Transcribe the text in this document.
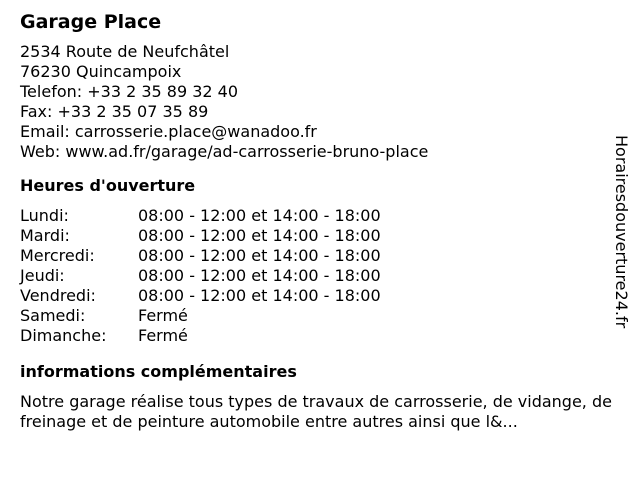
Garage Place
2534 Route de Neufchâtel
76230 Quincampoix
Telefon: +33 2 35 89 32 40
Fax: +33 2 35 07 35 89
Email: carrosserie.place@wanadoo.fr
Web: www.ad.fr/garage/ad-carrosserie-bruno-place
Heures d'ouverture
Lundi:	08:00 - 12:00 et 14:00 - 18:00
Mardi:	08:00 - 12:00 et 14:00 - 18:00
Mercredi:	08:00 - 12:00 et 14:00 - 18:00
Jeudi:	08:00 - 12:00 et 14:00 - 18:00
Vendredi:	08:00 - 12:00 et 14:00 - 18:00
Samedi:	Fermé
Dimanche:	Fermé
informations complémentaires
Notre garage réalise tous types de travaux de carrosserie, de vidange, de freinage et de peinture automobile entre autres ainsi que l&...
Horairesdouverture24.fr
